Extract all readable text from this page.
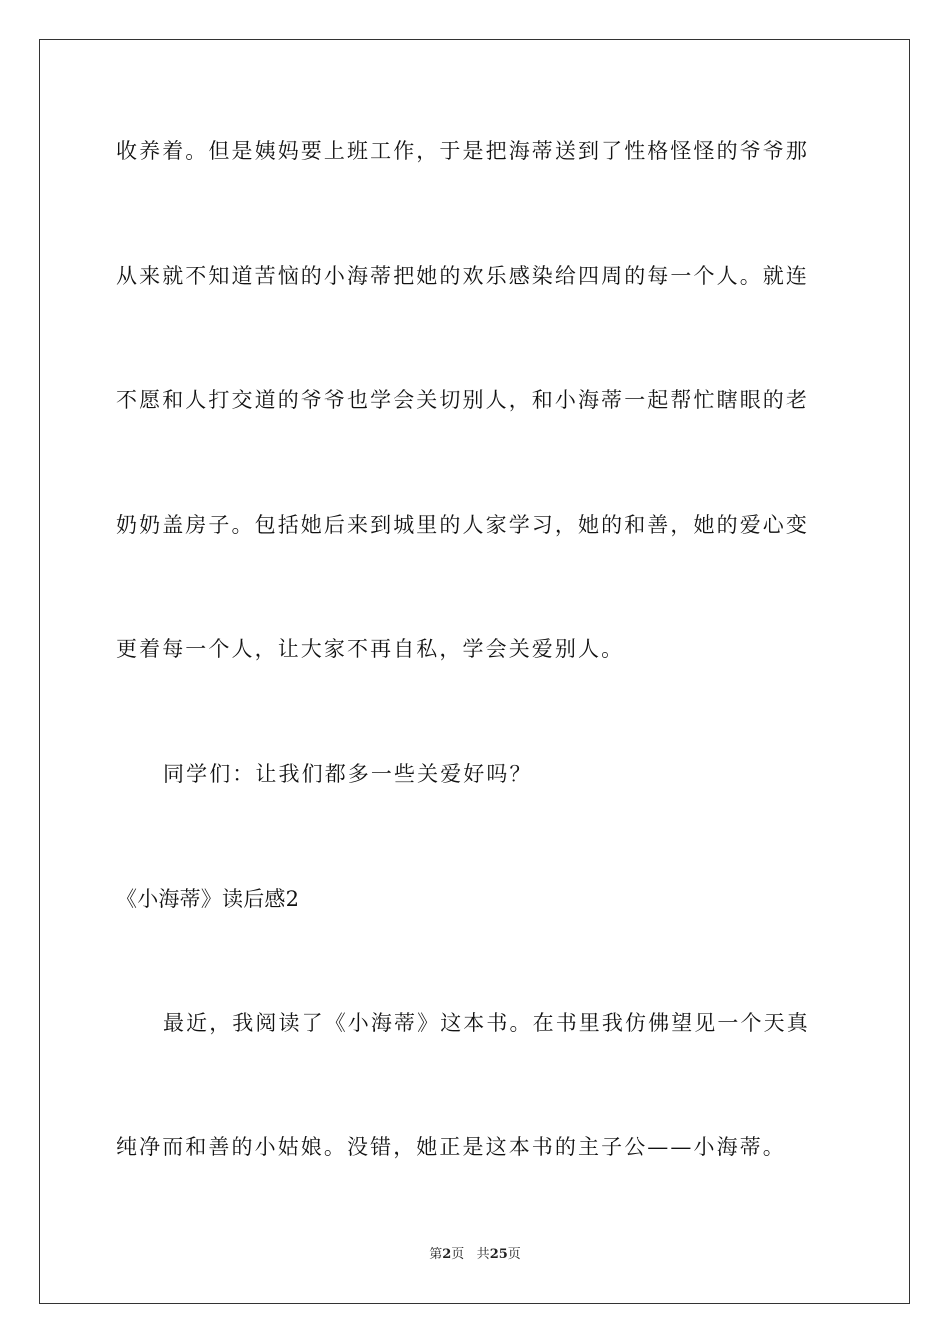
收养着。但是姨妈要上班工作，于是把海蒂送到了性格怪怪的爷爷那
从来就不知道苦恼的小海蒂把她的欢乐感染给四周的每一个人。就连
不愿和人打交道的爷爷也学会关切别人，和小海蒂一起帮忙瞎眼的老
奶奶盖房子。包括她后来到城里的人家学习，她的和善，她的爱心变
更着每一个人，让大家不再自私，学会关爱别人。
同学们：让我们都多一些关爱好吗？
《小海蒂》读后感2
最近，我阅读了《小海蒂》这本书。在书里我仿佛望见一个天真
纯净而和善的小姑娘。没错，她正是这本书的主子公——小海蒂。
第2页 共25页
